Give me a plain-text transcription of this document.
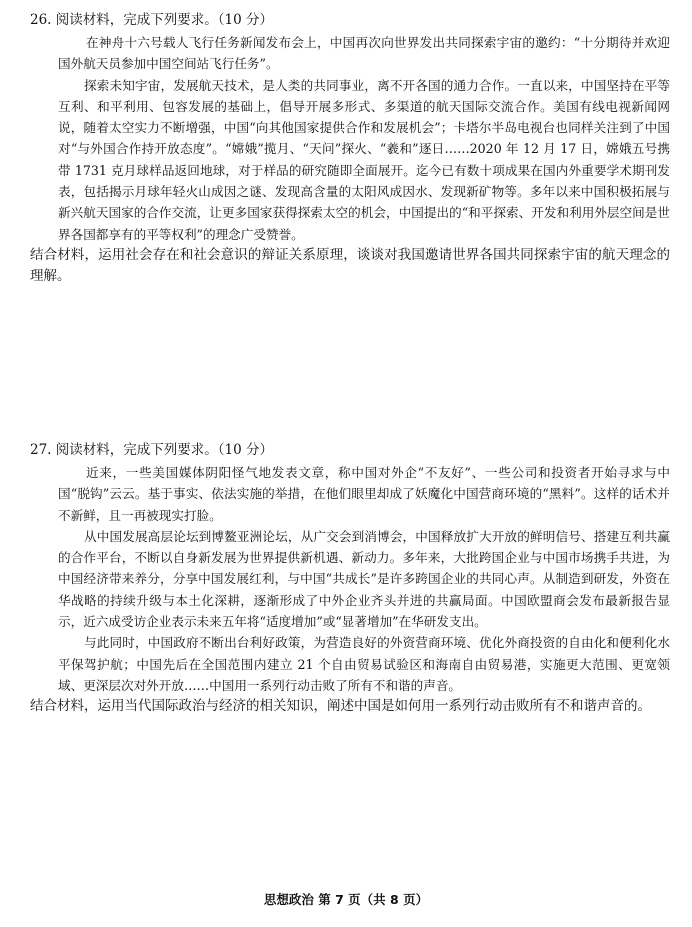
26. 阅读材料，完成下列要求。（10 分）

在神舟十六号载人飞行任务新闻发布会上，中国再次向世界发出共同探索宇宙的邀约：“十分期待并欢迎国外航天员参加中国空间站飞行任务”。

探索未知宇宙，发展航天技术，是人类的共同事业，离不开各国的通力合作。一直以来，中国坚持在平等互利、和平利用、包容发展的基础上，倡导开展多形式、多渠道的航天国际交流合作。美国有线电视新闻网说，随着太空实力不断增强，中国“向其他国家提供合作和发展机会”；卡塔尔半岛电视台也同样关注到了中国对“与外国合作持开放态度”。“嫦娥”揽月、“天问”探火、“羲和”逐日……2020 年 12 月 17 日，嫦娥五号携带 1731 克月球样品返回地球，对于样品的研究随即全面展开。迄今已有数十项成果在国内外重要学术期刊发表，包括揭示月球年轻火山成因之谜、发现高含量的太阳风成因水、发现新矿物等。多年以来中国积极拓展与新兴航天国家的合作交流，让更多国家获得探索太空的机会，中国提出的“和平探索、开发和利用外层空间是世界各国都享有的平等权利”的理念广受赞誉。

结合材料，运用社会存在和社会意识的辩证关系原理，谈谈对我国邀请世界各国共同探索宇宙的航天理念的理解。

27. 阅读材料，完成下列要求。（10 分）

近来，一些美国媒体阴阳怪气地发表文章，称中国对外企“不友好”、一些公司和投资者开始寻求与中国“脱钩”云云。基于事实、依法实施的举措，在他们眼里却成了妖魔化中国营商环境的“黑料”。这样的话术并不新鲜，且一再被现实打脸。

从中国发展高层论坛到博鳌亚洲论坛，从广交会到消博会，中国释放扩大开放的鲜明信号、搭建互利共赢的合作平台，不断以自身新发展为世界提供新机遇、新动力。多年来，大批跨国企业与中国市场携手共进，为中国经济带来养分，分享中国发展红利，与中国“共成长”是许多跨国企业的共同心声。从制造到研发，外资在华战略的持续升级与本土化深耕，逐渐形成了中外企业齐头并进的共赢局面。中国欧盟商会发布最新报告显示，近六成受访企业表示未来五年将“适度增加”或“显著增加”在华研发支出。

与此同时，中国政府不断出台利好政策，为营造良好的外资营商环境、优化外商投资的自由化和便利化水平保驾护航；中国先后在全国范围内建立 21 个自由贸易试验区和海南自由贸易港，实施更大范围、更宽领域、更深层次对外开放……中国用一系列行动击败了所有不和谐的声音。

结合材料，运用当代国际政治与经济的相关知识，阐述中国是如何用一系列行动击败所有不和谐声音的。

思想政治 第 7 页（共 8 页）
